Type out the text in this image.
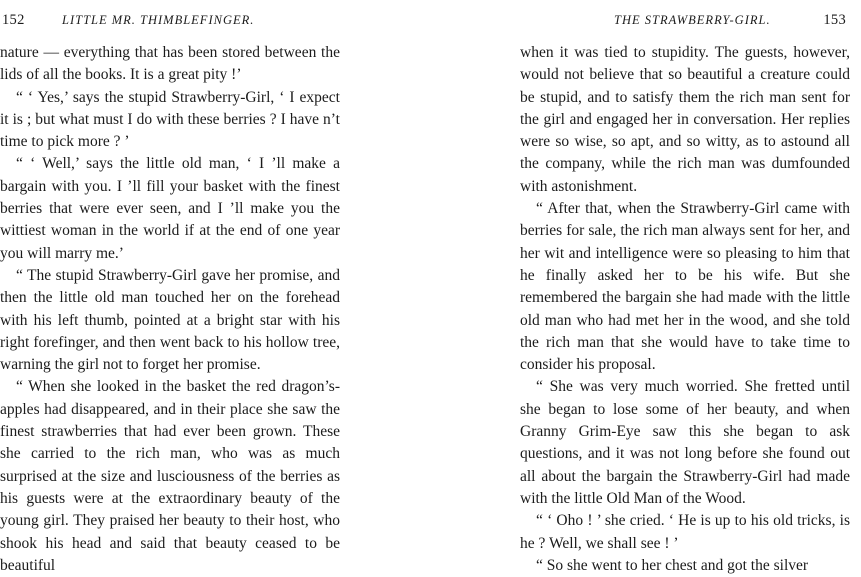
152	LITTLE MR. THIMBLEFINGER.

nature — everything that has been stored between the lids of all the books. It is a great pity !’

“ ‘ Yes,’ says the stupid Strawberry-Girl, ‘ I expect it is ; but what must I do with these berries ? I have n’t time to pick more ? ’

“ ‘ Well,’ says the little old man, ‘ I ’ll make a bargain with you. I ’ll fill your basket with the finest berries that were ever seen, and I ’ll make you the wittiest woman in the world if at the end of one year you will marry me.’

“ The stupid Strawberry-Girl gave her promise, and then the little old man touched her on the forehead with his left thumb, pointed at a bright star with his right forefinger, and then went back to his hollow tree, warning the girl not to forget her promise.

“ When she looked in the basket the red dragon’s-apples had disappeared, and in their place she saw the finest strawberries that had ever been grown. These she carried to the rich man, who was as much surprised at the size and lusciousness of the berries as his guests were at the extraordinary beauty of the young girl. They praised her beauty to their host, who shook his head and said that beauty ceased to be beautiful

THE STRAWBERRY-GIRL.	153

when it was tied to stupidity. The guests, however, would not believe that so beautiful a creature could be stupid, and to satisfy them the rich man sent for the girl and engaged her in conversation. Her replies were so wise, so apt, and so witty, as to astound all the company, while the rich man was dumfounded with astonishment.

“ After that, when the Strawberry-Girl came with berries for sale, the rich man always sent for her, and her wit and intelligence were so pleasing to him that he finally asked her to be his wife. But she remembered the bargain she had made with the little old man who had met her in the wood, and she told the rich man that she would have to take time to consider his proposal.

“ She was very much worried. She fretted until she began to lose some of her beauty, and when Granny Grim-Eye saw this she began to ask questions, and it was not long before she found out all about the bargain the Strawberry-Girl had made with the little Old Man of the Wood.

“ ‘ Oho ! ’ she cried. ‘ He is up to his old tricks, is he ? Well, we shall see ! ’

“ So she went to her chest and got the silver
